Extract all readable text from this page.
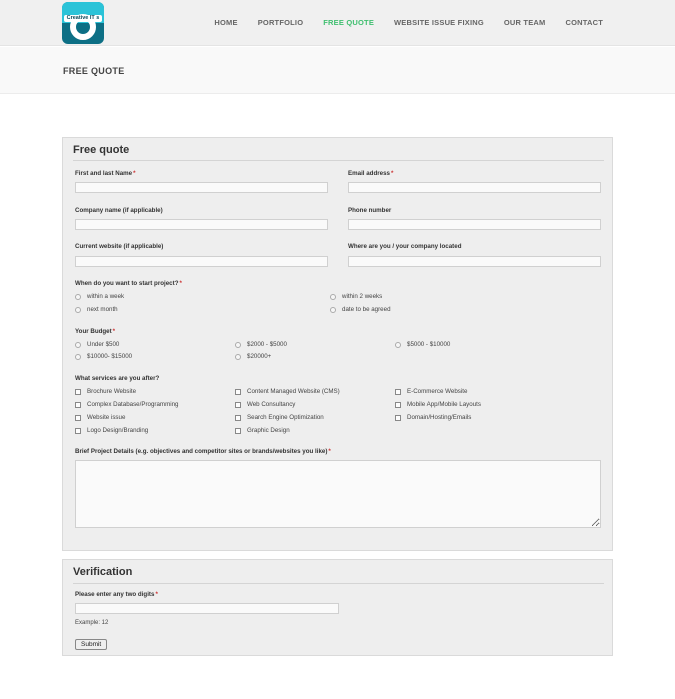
Creative IT s	HOME	PORTFOLIO	FREE QUOTE	WEBSITE ISSUE FIXING	OUR TEAM	CONTACT
FREE QUOTE
Free quote
First and last Name*	Email address*
Company name (if applicable)	Phone number
Current website (if applicable)	Where are you / your company located
When do you want to start project?*
within a week	within 2 weeks
next month	date to be agreed
Your Budget*
Under $500	$2000 - $5000	$5000 - $10000
$10000- $15000	$20000+
What services are you after?
Brochure Website	Content Managed Website (CMS)	E-Commerce Website
Complex Database/Programming	Web Consultancy	Mobile App/Mobile Layouts
Website issue	Search Engine Optimization	Domain/Hosting/Emails
Logo Design/Branding	Graphic Design
Brief Project Details (e.g. objectives and competitor sites or brands/websites you like)*
Verification
Please enter any two digits*
Example: 12
Submit
